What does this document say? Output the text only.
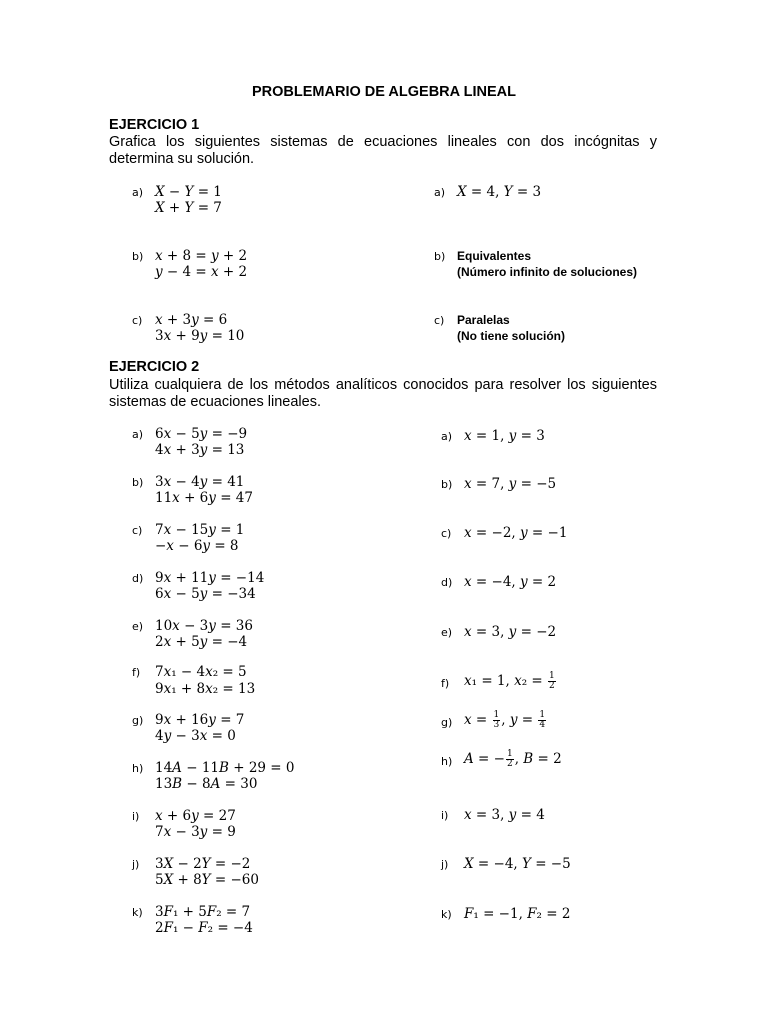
PROBLEMARIO DE ALGEBRA LINEAL
EJERCICIO 1
Grafica los siguientes sistemas de ecuaciones lineales con dos incógnitas y determina su solución.
a) 𝑋 − 𝑌 = 1
𝑋 + 𝑌 = 7
b) 𝑥 + 8 = 𝑦 + 2
𝑦 − 4 = 𝑥 + 2
c) 𝑥 + 3𝑦 = 6
3𝑥 + 9𝑦 = 10
a) 𝑋 = 4, 𝑌 = 3
b) Equivalentes
(Número infinito de soluciones)
c) Paralelas
(No tiene solución)
EJERCICIO 2
Utiliza cualquiera de los métodos analíticos conocidos para resolver los siguientes sistemas de ecuaciones lineales.
a) 6𝑥 − 5𝑦 = −9
4𝑥 + 3𝑦 = 13
b) 3𝑥 − 4𝑦 = 41
11𝑥 + 6𝑦 = 47
c) 7𝑥 − 15𝑦 = 1
−𝑥 − 6𝑦 = 8
d) 9𝑥 + 11𝑦 = −14
6𝑥 − 5𝑦 = −34
e) 10𝑥 − 3𝑦 = 36
2𝑥 + 5𝑦 = −4
f) 7𝑥₁ − 4𝑥₂ = 5
9𝑥₁ + 8𝑥₂ = 13
g) 9𝑥 + 16𝑦 = 7
4𝑦 − 3𝑥 = 0
h) 14𝐴 − 11𝐵 + 29 = 0
13𝐵 − 8𝐴 = 30
i) 𝑥 + 6𝑦 = 27
7𝑥 − 3𝑦 = 9
j) 3𝑋 − 2𝑌 = −2
5𝑋 + 8𝑌 = −60
k) 3𝐹₁ + 5𝐹₂ = 7
2𝐹₁ − 𝐹₂ = −4
a) 𝑥 = 1, 𝑦 = 3
b) 𝑥 = 7, 𝑦 = −5
c) 𝑥 = −2, 𝑦 = −1
d) 𝑥 = −4, 𝑦 = 2
e) 𝑥 = 3, 𝑦 = −2
f) 𝑥₁ = 1, 𝑥₂ = $\frac{1}{2}$
g) 𝑥 = $\frac{1}{3}$ , 𝑦 = $\frac{1}{4}$
h) 𝐴 = − $\frac{1}{2}$ , 𝐵 = 2
i) 𝑥 = 3, 𝑦 = 4
j) 𝑋 = −4, 𝑌 = −5
k) 𝐹₁ = −1, 𝐹₂ = 2
